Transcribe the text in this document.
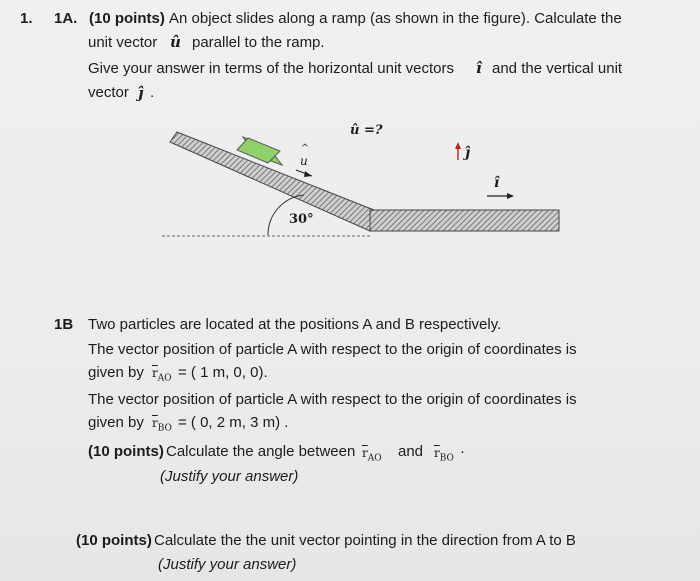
1. 1A. (10 points) An object slides along a ramp (as shown in the figure). Calculate the
unit vector û parallel to the ramp.
Give your answer in terms of the horizontal unit vectors î and the vertical unit
vector ĵ .
^
û =?
u
30°
ĵ
î
1B Two particles are located at the positions A and B respectively.
The vector position of particle A with respect to the origin of coordinates is
given by $\overline{r}_{AO}$ = ( 1 m, 0, 0).
The vector position of particle A with respect to the origin of coordinates is
given by $\overline{r}_{BO}$ = ( 0, 2 m, 3 m) .
(10 points) Calculate the angle between $\overline{r}_{AO}$ and $\overline{r}_{BO}$ ·
(Justify your answer)
(10 points) Calculate the the unit vector pointing in the direction from A to B
(Justify your answer)
